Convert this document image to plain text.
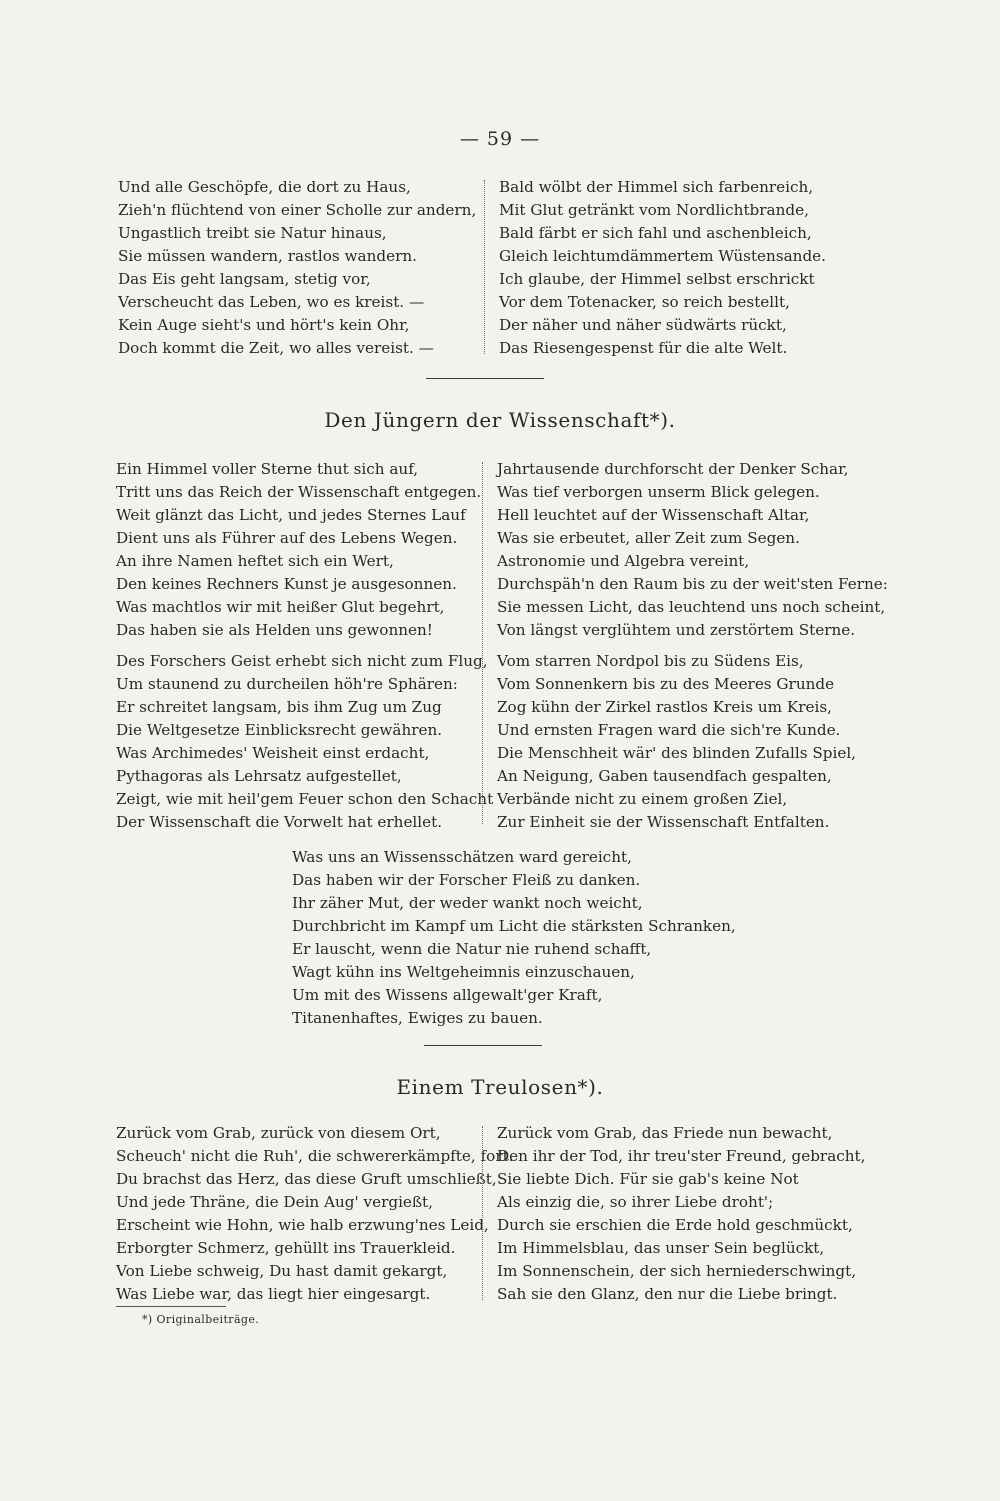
— 59 —
Und alle Geschöpfe, die dort zu Haus,
Zieh'n flüchtend von einer Scholle zur andern,
Ungastlich treibt sie Natur hinaus,
Sie müssen wandern, rastlos wandern.
Das Eis geht langsam, stetig vor,
Verscheucht das Leben, wo es kreist. —
Kein Auge sieht's und hört's kein Ohr,
Doch kommt die Zeit, wo alles vereist. —
Bald wölbt der Himmel sich farbenreich,
Mit Glut getränkt vom Nordlichtbrande,
Bald färbt er sich fahl und aschenbleich,
Gleich leichtumdämmertem Wüstensande.
Ich glaube, der Himmel selbst erschrickt
Vor dem Totenacker, so reich bestellt,
Der näher und näher südwärts rückt,
Das Riesengespenst für die alte Welt.
Den Jüngern der Wissenschaft*).
Ein Himmel voller Sterne thut sich auf,
Tritt uns das Reich der Wissenschaft entgegen.
Weit glänzt das Licht, und jedes Sternes Lauf
Dient uns als Führer auf des Lebens Wegen.
An ihre Namen heftet sich ein Wert,
Den keines Rechners Kunst je ausgesonnen.
Was machtlos wir mit heißer Glut begehrt,
Das haben sie als Helden uns gewonnen!
Jahrtausende durchforscht der Denker Schar,
Was tief verborgen unserm Blick gelegen.
Hell leuchtet auf der Wissenschaft Altar,
Was sie erbeutet, aller Zeit zum Segen.
Astronomie und Algebra vereint,
Durchspäh'n den Raum bis zu der weit'sten Ferne:
Sie messen Licht, das leuchtend uns noch scheint,
Von längst verglühtem und zerstörtem Sterne.
Des Forschers Geist erhebt sich nicht zum Flug,
Um staunend zu durcheilen höh're Sphären:
Er schreitet langsam, bis ihm Zug um Zug
Die Weltgesetze Einblicksrecht gewähren.
Was Archimedes' Weisheit einst erdacht,
Pythagoras als Lehrsatz aufgestellet,
Zeigt, wie mit heil'gem Feuer schon den Schacht
Der Wissenschaft die Vorwelt hat erhellet.
Vom starren Nordpol bis zu Südens Eis,
Vom Sonnenkern bis zu des Meeres Grunde
Zog kühn der Zirkel rastlos Kreis um Kreis,
Und ernsten Fragen ward die sich're Kunde.
Die Menschheit wär' des blinden Zufalls Spiel,
An Neigung, Gaben tausendfach gespalten,
Verbände nicht zu einem großen Ziel,
Zur Einheit sie der Wissenschaft Entfalten.
Was uns an Wissensschätzen ward gereicht,
Das haben wir der Forscher Fleiß zu danken.
Ihr zäher Mut, der weder wankt noch weicht,
Durchbricht im Kampf um Licht die stärksten Schranken,
Er lauscht, wenn die Natur nie ruhend schafft,
Wagt kühn ins Weltgeheimnis einzuschauen,
Um mit des Wissens allgewalt'ger Kraft,
Titanenhaftes, Ewiges zu bauen.
Einem Treulosen*).
Zurück vom Grab, zurück von diesem Ort,
Scheuch' nicht die Ruh', die schwererkämpfte, fort.
Du brachst das Herz, das diese Gruft umschließt,
Und jede Thräne, die Dein Aug' vergießt,
Erscheint wie Hohn, wie halb erzwung'nes Leid,
Erborgter Schmerz, gehüllt ins Trauerkleid.
Von Liebe schweig, Du hast damit gekargt,
Was Liebe war, das liegt hier eingesargt.
Zurück vom Grab, das Friede nun bewacht,
Den ihr der Tod, ihr treu'ster Freund, gebracht,
Sie liebte Dich. Für sie gab's keine Not
Als einzig die, so ihrer Liebe droht';
Durch sie erschien die Erde hold geschmückt,
Im Himmelsblau, das unser Sein beglückt,
Im Sonnenschein, der sich herniederschwingt,
Sah sie den Glanz, den nur die Liebe bringt.
*) Originalbeiträge.
